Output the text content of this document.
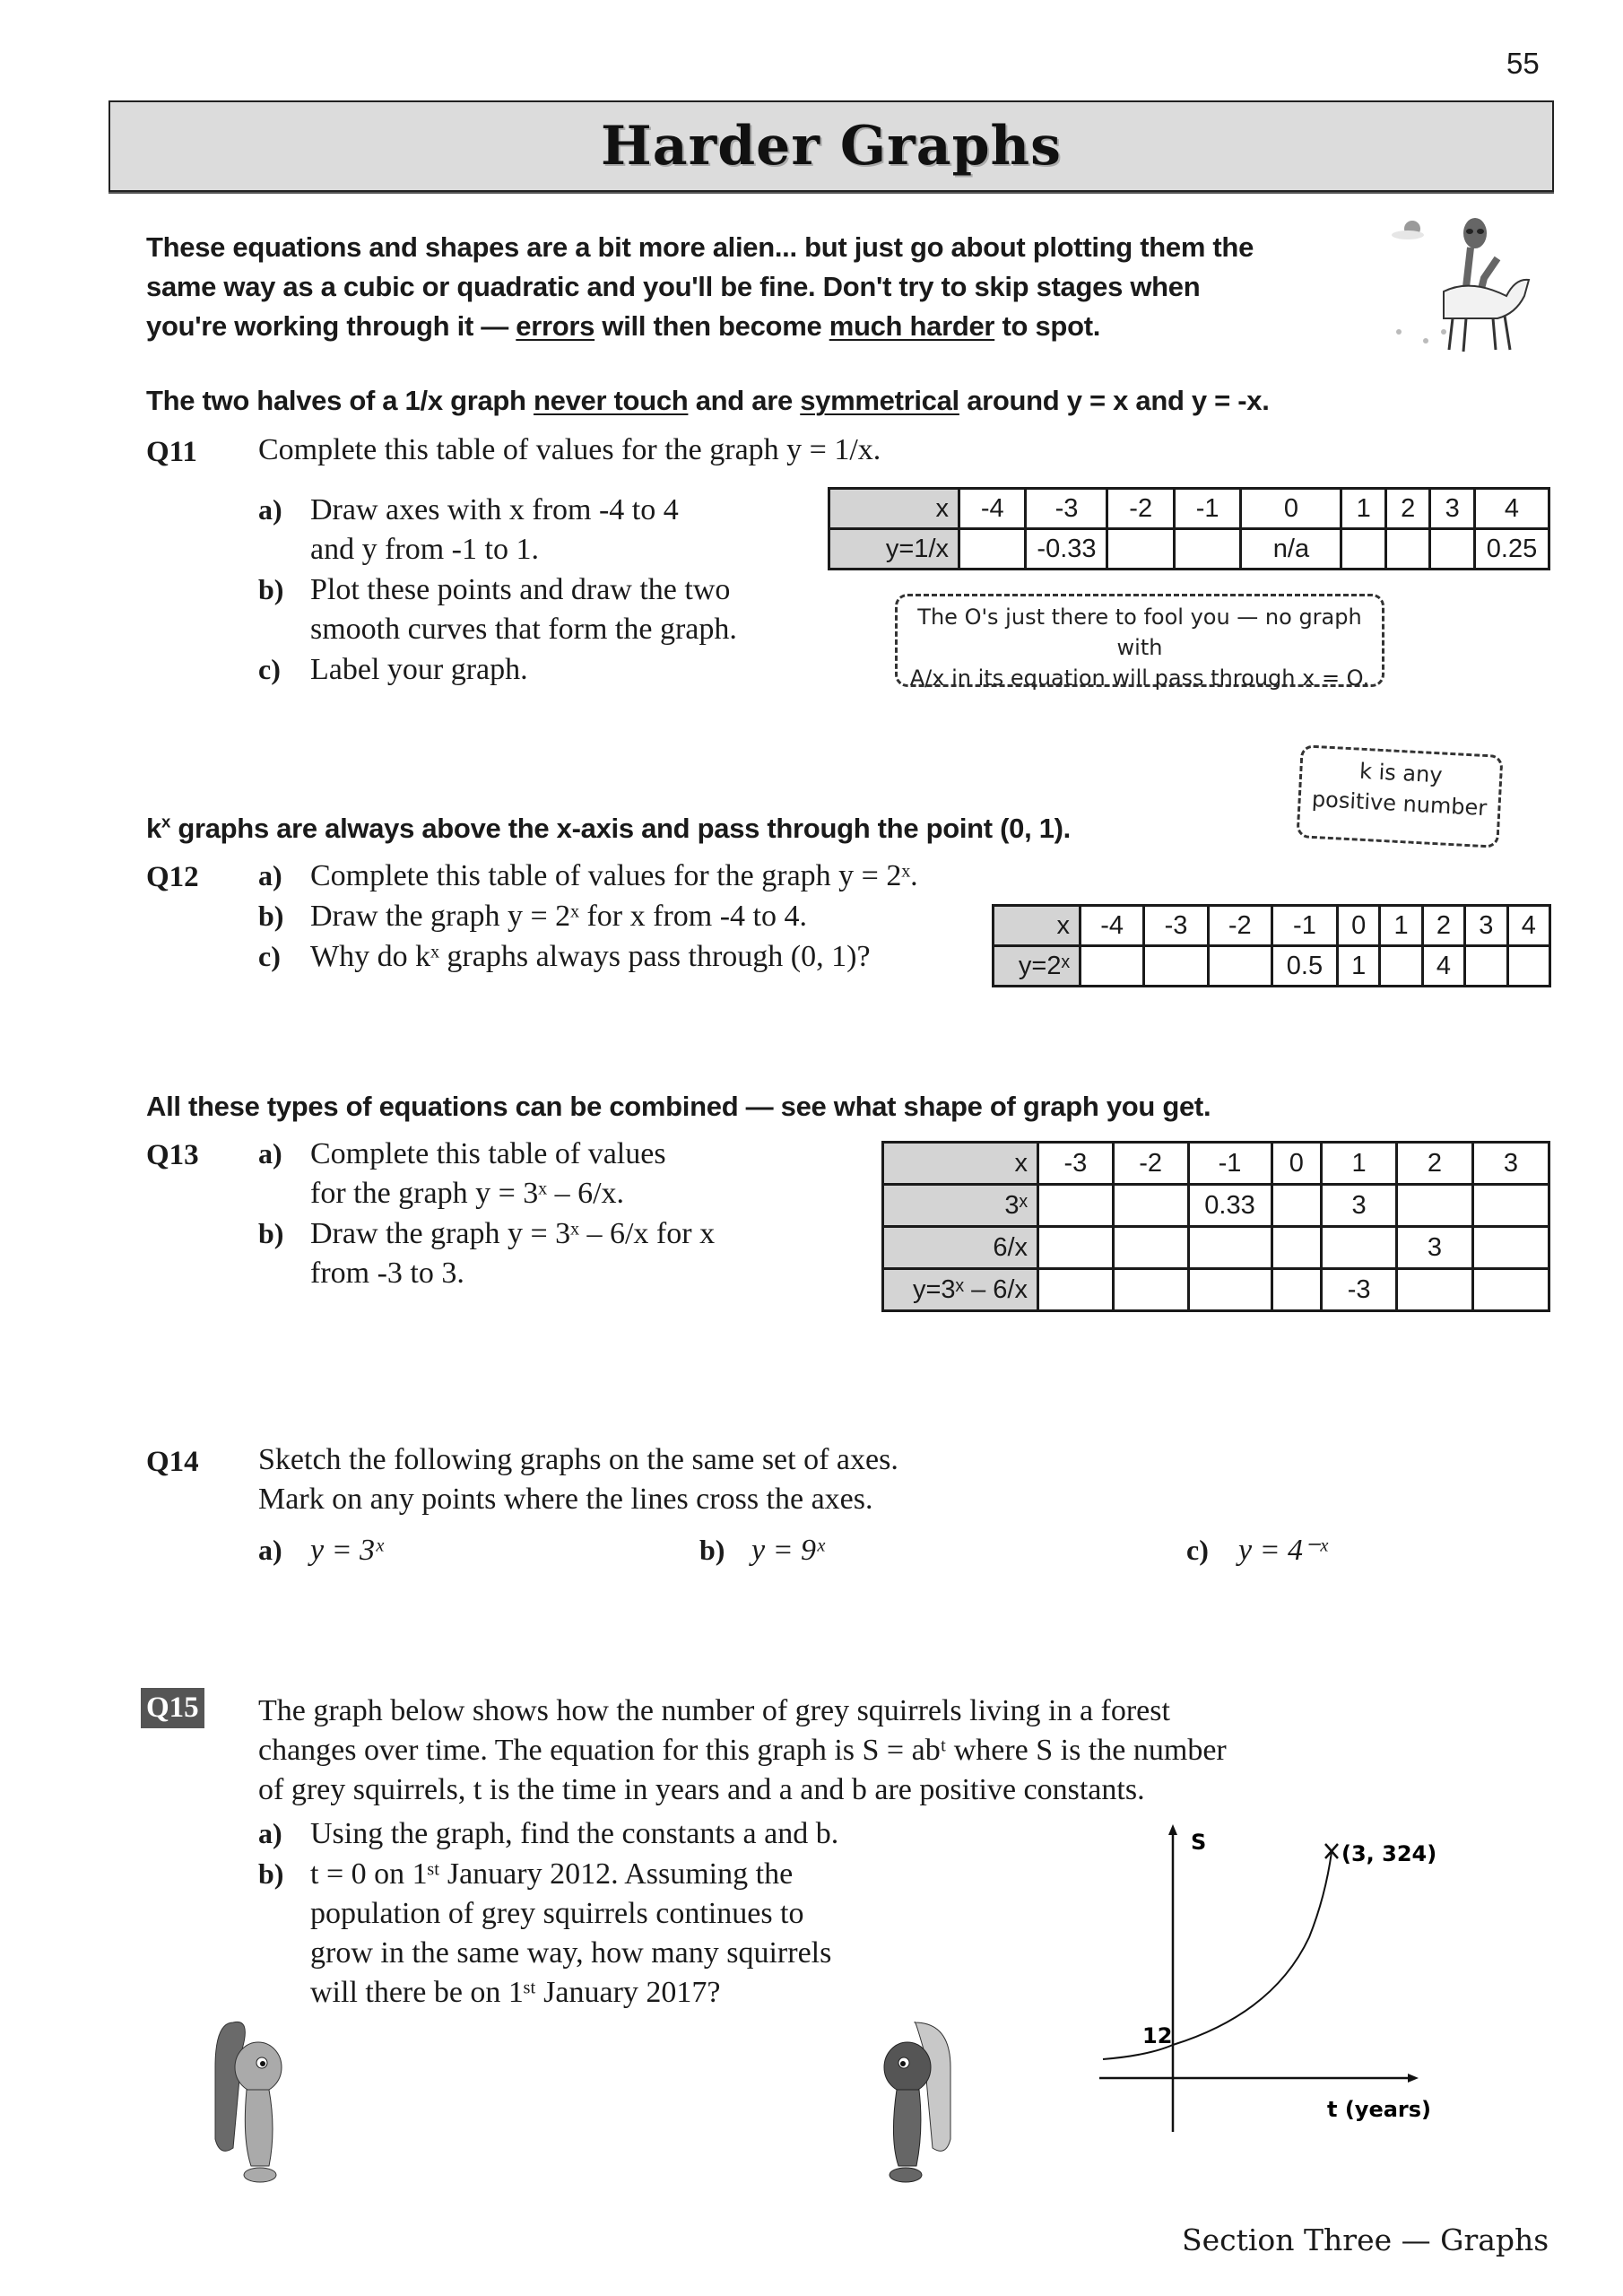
55
Harder Graphs
These equations and shapes are a bit more alien... but just go about plotting them the
same way as a cubic or quadratic and you'll be fine. Don't try to skip stages when
you're working through it — errors will then become much harder to spot.
The two halves of a 1/x graph never touch and are symmetrical around y = x and y = -x.
Q11 Complete this table of values for the graph y = 1/x.
a) Draw axes with x from -4 to 4
and y from -1 to 1.
b) Plot these points and draw the two
smooth curves that form the graph.
c) Label your graph.
x	-4	-3	-2	-1	0	1	2	3	4
y=1/x		-0.33			n/a				0.25
The O's just there to fool you — no graph with
A/x in its equation will pass through x = O.
k is any
positive number
$k^x$ graphs are always above the x-axis and pass through the point (0, 1).
Q12 a) Complete this table of values for the graph y = 2ˣ.
b) Draw the graph y = 2ˣ for x from -4 to 4.
c) Why do kˣ graphs always pass through (0, 1)?
x	-4	-3	-2	-1	0	1	2	3	4
y=2ˣ				0.5	1		4		
All these types of equations can be combined — see what shape of graph you get.
Q13 a) Complete this table of values
for the graph y = 3ˣ – 6/x.
b) Draw the graph y = 3ˣ – 6/x for x
from -3 to 3.
x	-3	-2	-1	0	1	2	3
3ˣ			0.33		3		
6/x						3	
y=3ˣ – 6/x					-3		
Q14 Sketch the following graphs on the same set of axes.
Mark on any points where the lines cross the axes.
a) y = 3ˣ	b) y = 9ˣ	c) y = 4⁻ˣ
Q15 The graph below shows how the number of grey squirrels living in a forest
changes over time. The equation for this graph is S = abᵗ where S is the number
of grey squirrels, t is the time in years and a and b are positive constants.
a) Using the graph, find the constants a and b.
b) t = 0 on 1ˢᵗ January 2012. Assuming the
population of grey squirrels continues to
grow in the same way, how many squirrels
will there be on 1ˢᵗ January 2017?
S	(3, 324)
12
t (years)
Section Three — Graphs
